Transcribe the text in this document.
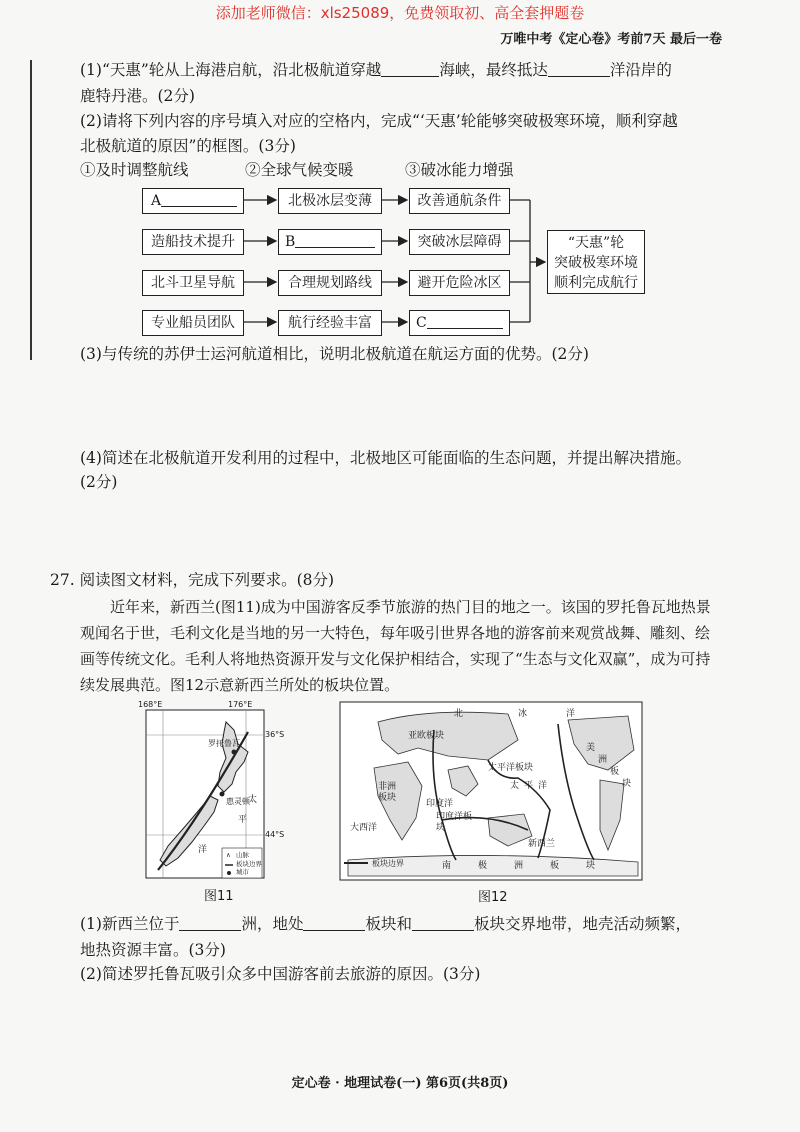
添加老师微信：xls25089，免费领取初、高全套押题卷
万唯中考《定心卷》考前7天 最后一卷
(1)“天惠”轮从上海港启航，沿北极航道穿越	海峡，最终抵达	洋沿岸的
鹿特丹港。(2分)
(2)请将下列内容的序号填入对应的空格内，完成“‘天惠’轮能够突破极寒环境，顺利穿越
北极航道的原因”的框图。(3分)
①及时调整航线	②全球气候变暖	③破冰能力增强
A
造船技术提升
北斗卫星导航
专业船员团队
北极冰层变薄
B
合理规划路线
航行经验丰富
改善通航条件
突破冰层障碍
避开危险冰区
C
“天惠”轮
突破极寒环境
顺利完成航行
(3)与传统的苏伊士运河航道相比，说明北极航道在航运方面的优势。(2分)
(4)简述在北极航道开发利用的过程中，北极地区可能面临的生态问题，并提出解决措施。
(2分)
27. 阅读图文材料，完成下列要求。(8分)
近年来，新西兰(图11)成为中国游客反季节旅游的热门目的地之一。该国的罗托鲁瓦地热景观闻名于世，毛利文化是当地的另一大特色，每年吸引世界各地的游客前来观赏战舞、雕刻、绘画等传统文化。毛利人将地热资源开发与文化保护相结合，实现了“生态与文化双赢”，成为可持续发展典范。图12示意新西兰所处的板块位置。
∧
168°E	176°E
36°S
44°S
罗托鲁瓦
惠灵顿
太
平
洋	山脉
板块边界
城市
图11
亚欧板块
北	冰	洋
美
洲
板
块
非洲板块
印度洋
印度洋板块
太平洋板块
太 平 洋
新西兰
大西洋
板块边界	南	极	洲	板	块
图12
(1)新西兰位于	洲，地处	板块和	板块交界地带，地壳活动频繁，
地热资源丰富。(3分)
(2)简述罗托鲁瓦吸引众多中国游客前去旅游的原因。(3分)
定心卷 · 地理试卷(一) 第6页(共8页)
